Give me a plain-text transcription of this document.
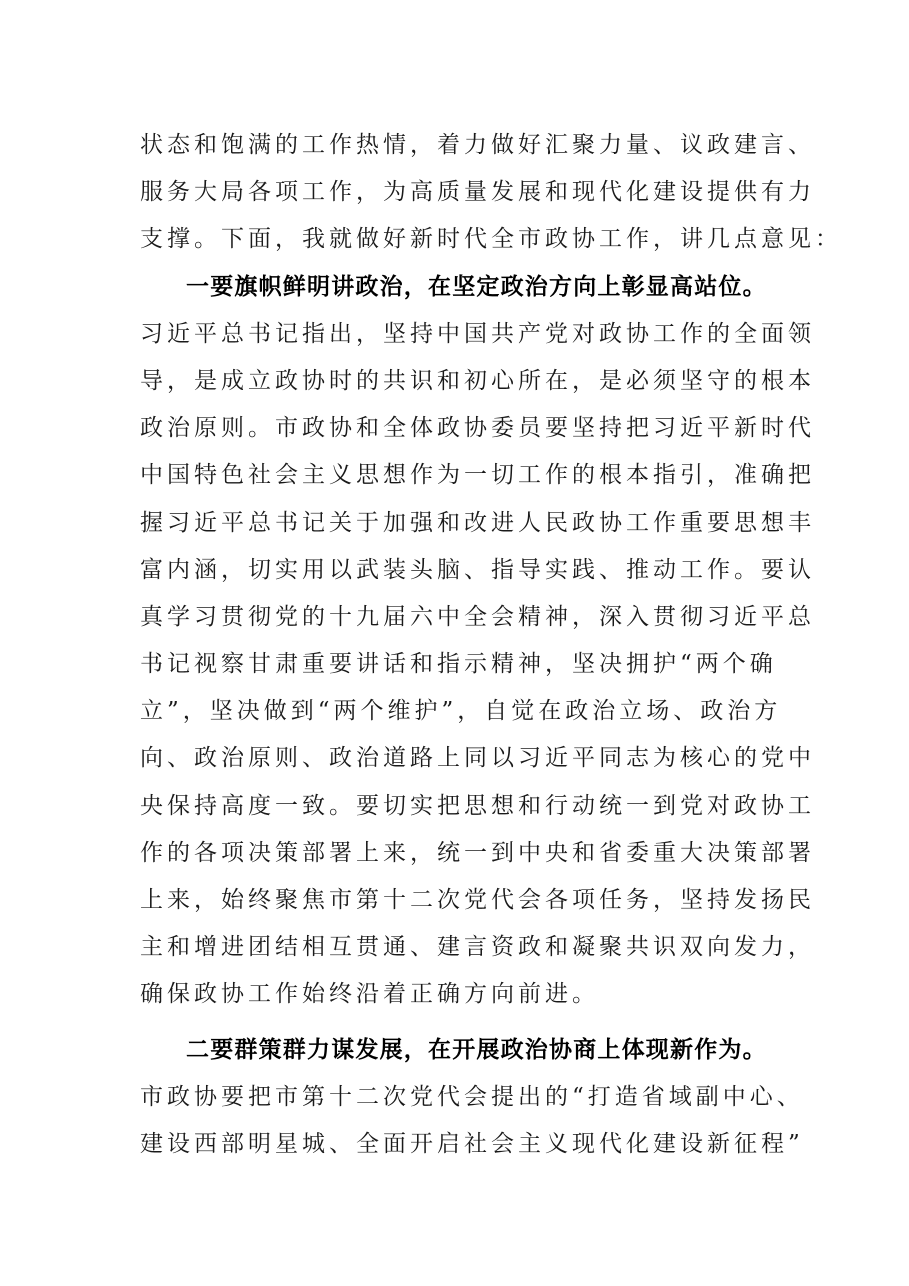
状态和饱满的工作热情，着力做好汇聚力量、议政建言、
服务大局各项工作，为高质量发展和现代化建设提供有力
支撑。下面，我就做好新时代全市政协工作，讲几点意见：
一要旗帜鲜明讲政治，在坚定政治方向上彰显高站位。
习近平总书记指出，坚持中国共产党对政协工作的全面领
导，是成立政协时的共识和初心所在，是必须坚守的根本
政治原则。市政协和全体政协委员要坚持把习近平新时代
中国特色社会主义思想作为一切工作的根本指引，准确把
握习近平总书记关于加强和改进人民政协工作重要思想丰
富内涵，切实用以武装头脑、指导实践、推动工作。要认
真学习贯彻党的十九届六中全会精神，深入贯彻习近平总
书记视察甘肃重要讲话和指示精神，坚决拥护“两个确
立”，坚决做到“两个维护”，自觉在政治立场、政治方
向、政治原则、政治道路上同以习近平同志为核心的党中
央保持高度一致。要切实把思想和行动统一到党对政协工
作的各项决策部署上来，统一到中央和省委重大决策部署
上来，始终聚焦市第十二次党代会各项任务，坚持发扬民
主和增进团结相互贯通、建言资政和凝聚共识双向发力，
确保政协工作始终沿着正确方向前进。
二要群策群力谋发展，在开展政治协商上体现新作为。
市政协要把市第十二次党代会提出的“打造省域副中心、
建设西部明星城、全面开启社会主义现代化建设新征程”
